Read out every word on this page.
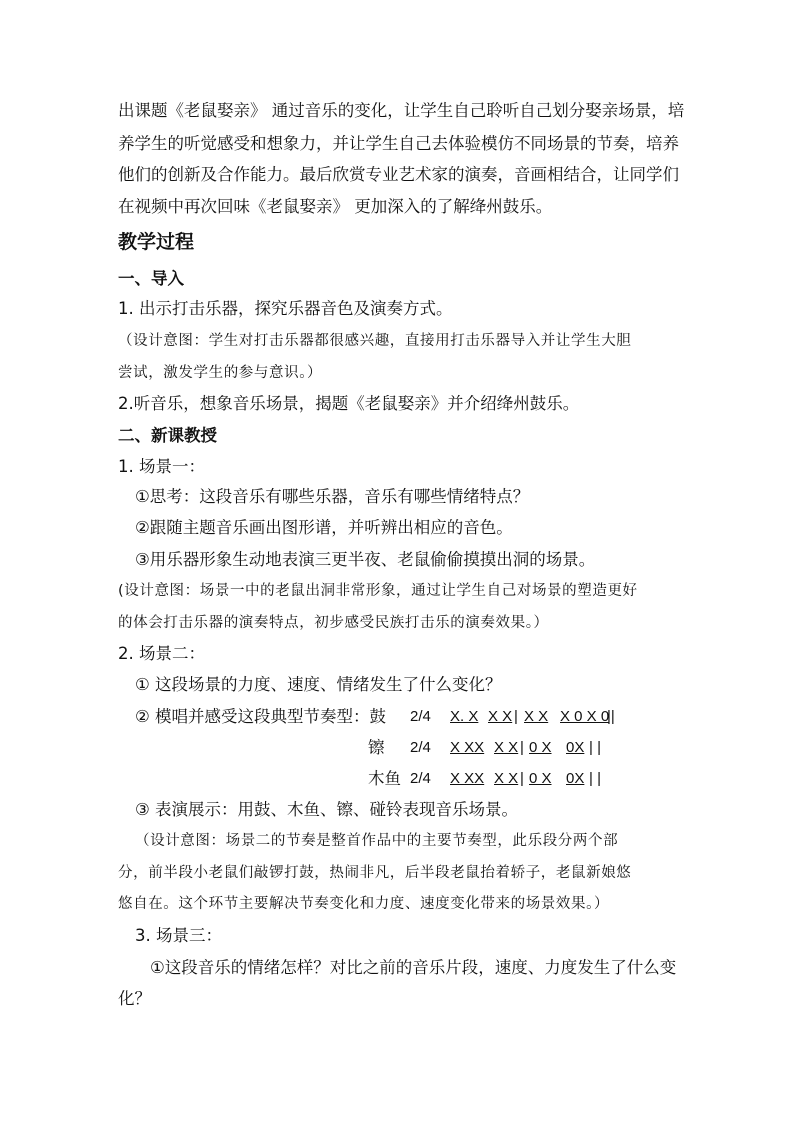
出课题《老鼠娶亲》 通过音乐的变化，让学生自己聆听自己划分娶亲场景，培
养学生的听觉感受和想象力，并让学生自己去体验模仿不同场景的节奏，培养
他们的创新及合作能力。最后欣赏专业艺术家的演奏，音画相结合，让同学们
在视频中再次回味《老鼠娶亲》 更加深入的了解绛州鼓乐。
教学过程
一、导入
1. 出示打击乐器，探究乐器音色及演奏方式。
（设计意图：学生对打击乐器都很感兴趣，直接用打击乐器导入并让学生大胆
尝试，激发学生的参与意识。）
2.听音乐，想象音乐场景，揭题《老鼠娶亲》并介绍绛州鼓乐。
二、新课教授
1. 场景一：
①思考：这段音乐有哪些乐器，音乐有哪些情绪特点？
②跟随主题音乐画出图形谱，并听辨出相应的音色。
③用乐器形象生动地表演三更半夜、老鼠偷偷摸摸出洞的场景。
(设计意图：场景一中的老鼠出洞非常形象，通过让学生自己对场景的塑造更好
的体会打击乐器的演奏特点，初步感受民族打击乐的演奏效果。）
2. 场景二：
① 这段场景的力度、速度、情绪发生了什么变化？
② 模唱并感受这段典型节奏型：鼓 2/4 X. X X X | X X X 0 X 0
||
镲 2/4 X XX X X | 0 X 0X | |
木鱼 2/4 X XX X X | 0 X 0X | |
③ 表演展示：用鼓、木鱼、镲、碰铃表现音乐场景。
（设计意图：场景二的节奏是整首作品中的主要节奏型，此乐段分两个部
分，前半段小老鼠们敲锣打鼓，热闹非凡，后半段老鼠抬着轿子，老鼠新娘悠
悠自在。这个环节主要解决节奏变化和力度、速度变化带来的场景效果。）
3. 场景三：
①这段音乐的情绪怎样？对比之前的音乐片段，速度、力度发生了什么变
化？
